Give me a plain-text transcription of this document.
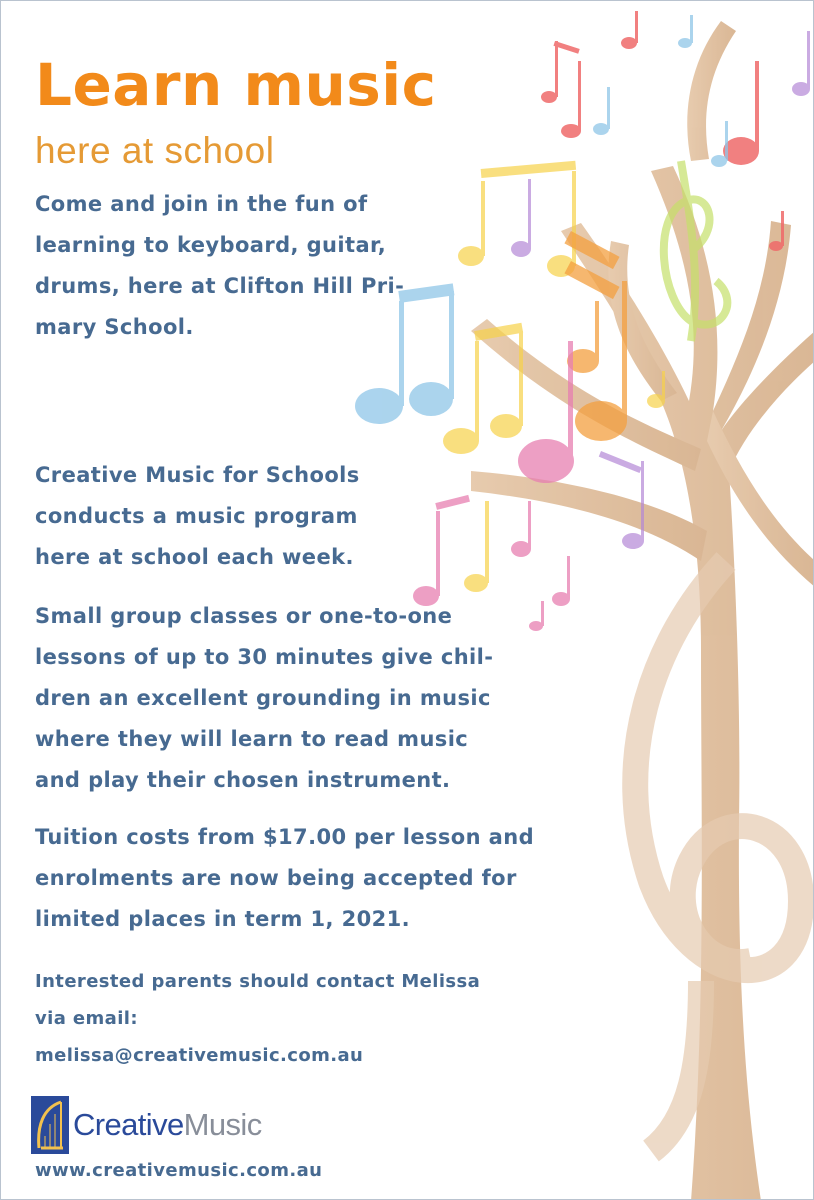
Learn music
here at school

Come and join in the fun of
learning to keyboard, guitar,
drums, here at Clifton Hill Pri-
mary School.

Creative Music for Schools
conducts a music program
here at school each week.

Small group classes or one-to-one
lessons of up to 30 minutes give chil-
dren an excellent grounding in music
where they will learn to read music
and play their chosen instrument.

Tuition costs from $17.00 per lesson and
enrolments are now being accepted for
limited places in term 1, 2021.

Interested parents should contact Melissa
via email:
melissa@creativemusic.com.au

Creative Music

www.creativemusic.com.au
